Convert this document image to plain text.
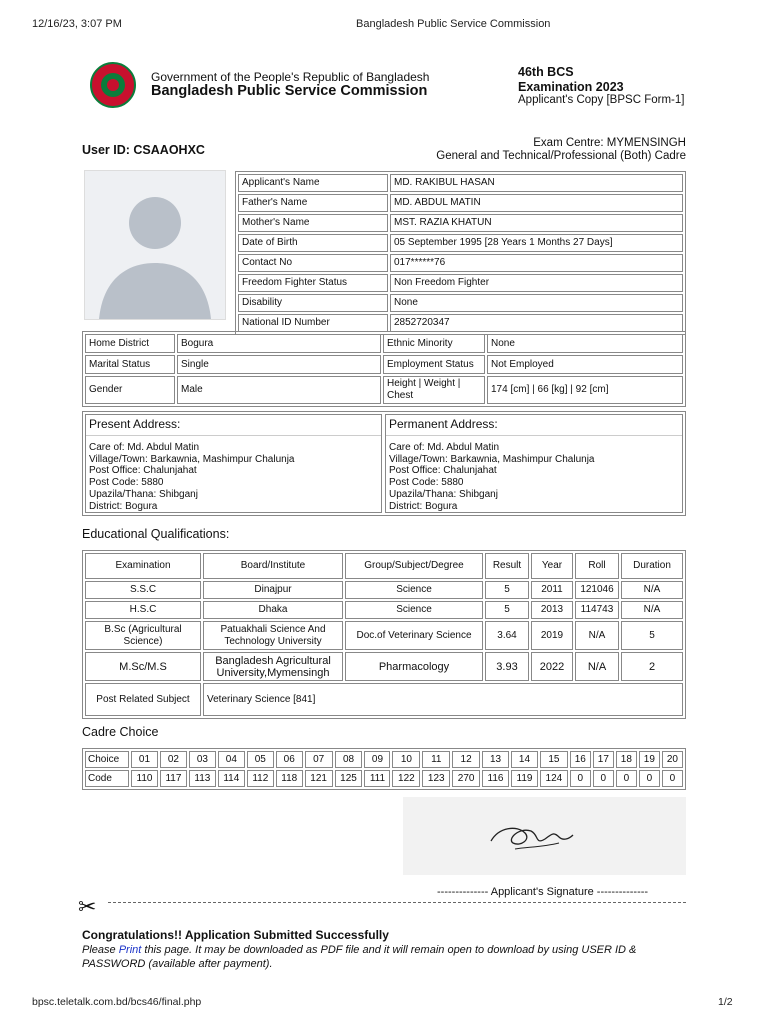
12/16/23, 3:07 PM	Bangladesh Public Service Commission
bpsc.teletalk.com.bd/bcs46/final.php	1/2
Government of the People's Republic of Bangladesh
Bangladesh Public Service Commission
46th BCS
Examination 2023
Applicant's Copy [BPSC Form-1]
User ID: CSAAOHXC	Exam Centre: MYMENSINGH
General and Technical/Professional (Both) Cadre
Applicant's Name	MD. RAKIBUL HASAN
Father's Name	MD. ABDUL MATIN
Mother's Name	MST. RAZIA KHATUN
Date of Birth	05 September 1995 [28 Years 1 Months 27 Days]
Contact No	017******76
Freedom Fighter Status	Non Freedom Fighter
Disability	None
National ID Number	2852720347
Home District	Bogura	Ethnic Minority	None
Marital Status	Single	Employment Status	Not Employed
Gender	Male	Height | Weight | Chest	174 [cm] | 66 [kg] | 92 [cm]
Present Address:
Care of: Md. Abdul Matin
Village/Town: Barkawnia, Mashimpur Chalunja
Post Office: Chalunjahat
Post Code: 5880
Upazila/Thana: Shibganj
District: Bogura
Permanent Address:
Care of: Md. Abdul Matin
Village/Town: Barkawnia, Mashimpur Chalunja
Post Office: Chalunjahat
Post Code: 5880
Upazila/Thana: Shibganj
District: Bogura
Educational Qualifications:
Examination	Board/Institute	Group/Subject/Degree	Result	Year	Roll	Duration
S.S.C	Dinajpur	Science	5	2011	121046	N/A
H.S.C	Dhaka	Science	5	2013	114743	N/A
B.Sc (Agricultural Science)	Patuakhali Science And Technology University	Doc.of Veterinary Science	3.64	2019	N/A	5
M.Sc/M.S	Bangladesh Agricultural University,Mymensingh	Pharmacology	3.93	2022	N/A	2
Post Related Subject	Veterinary Science [841]					
Cadre Choice
Choice	01	02	03	04	05	06	07	08	09	10	11	12	13	14	15	16	17	18	19	20
Code	110	117	113	114	112	118	121	125	111	122	123	270	116	119	124	0	0	0	0	0
-------------- Applicant's Signature --------------
✂
Congratulations!! Application Submitted Successfully
Please Print this page. It may be downloaded as PDF file and it will remain open to download by using USER ID & PASSWORD (available after payment).
